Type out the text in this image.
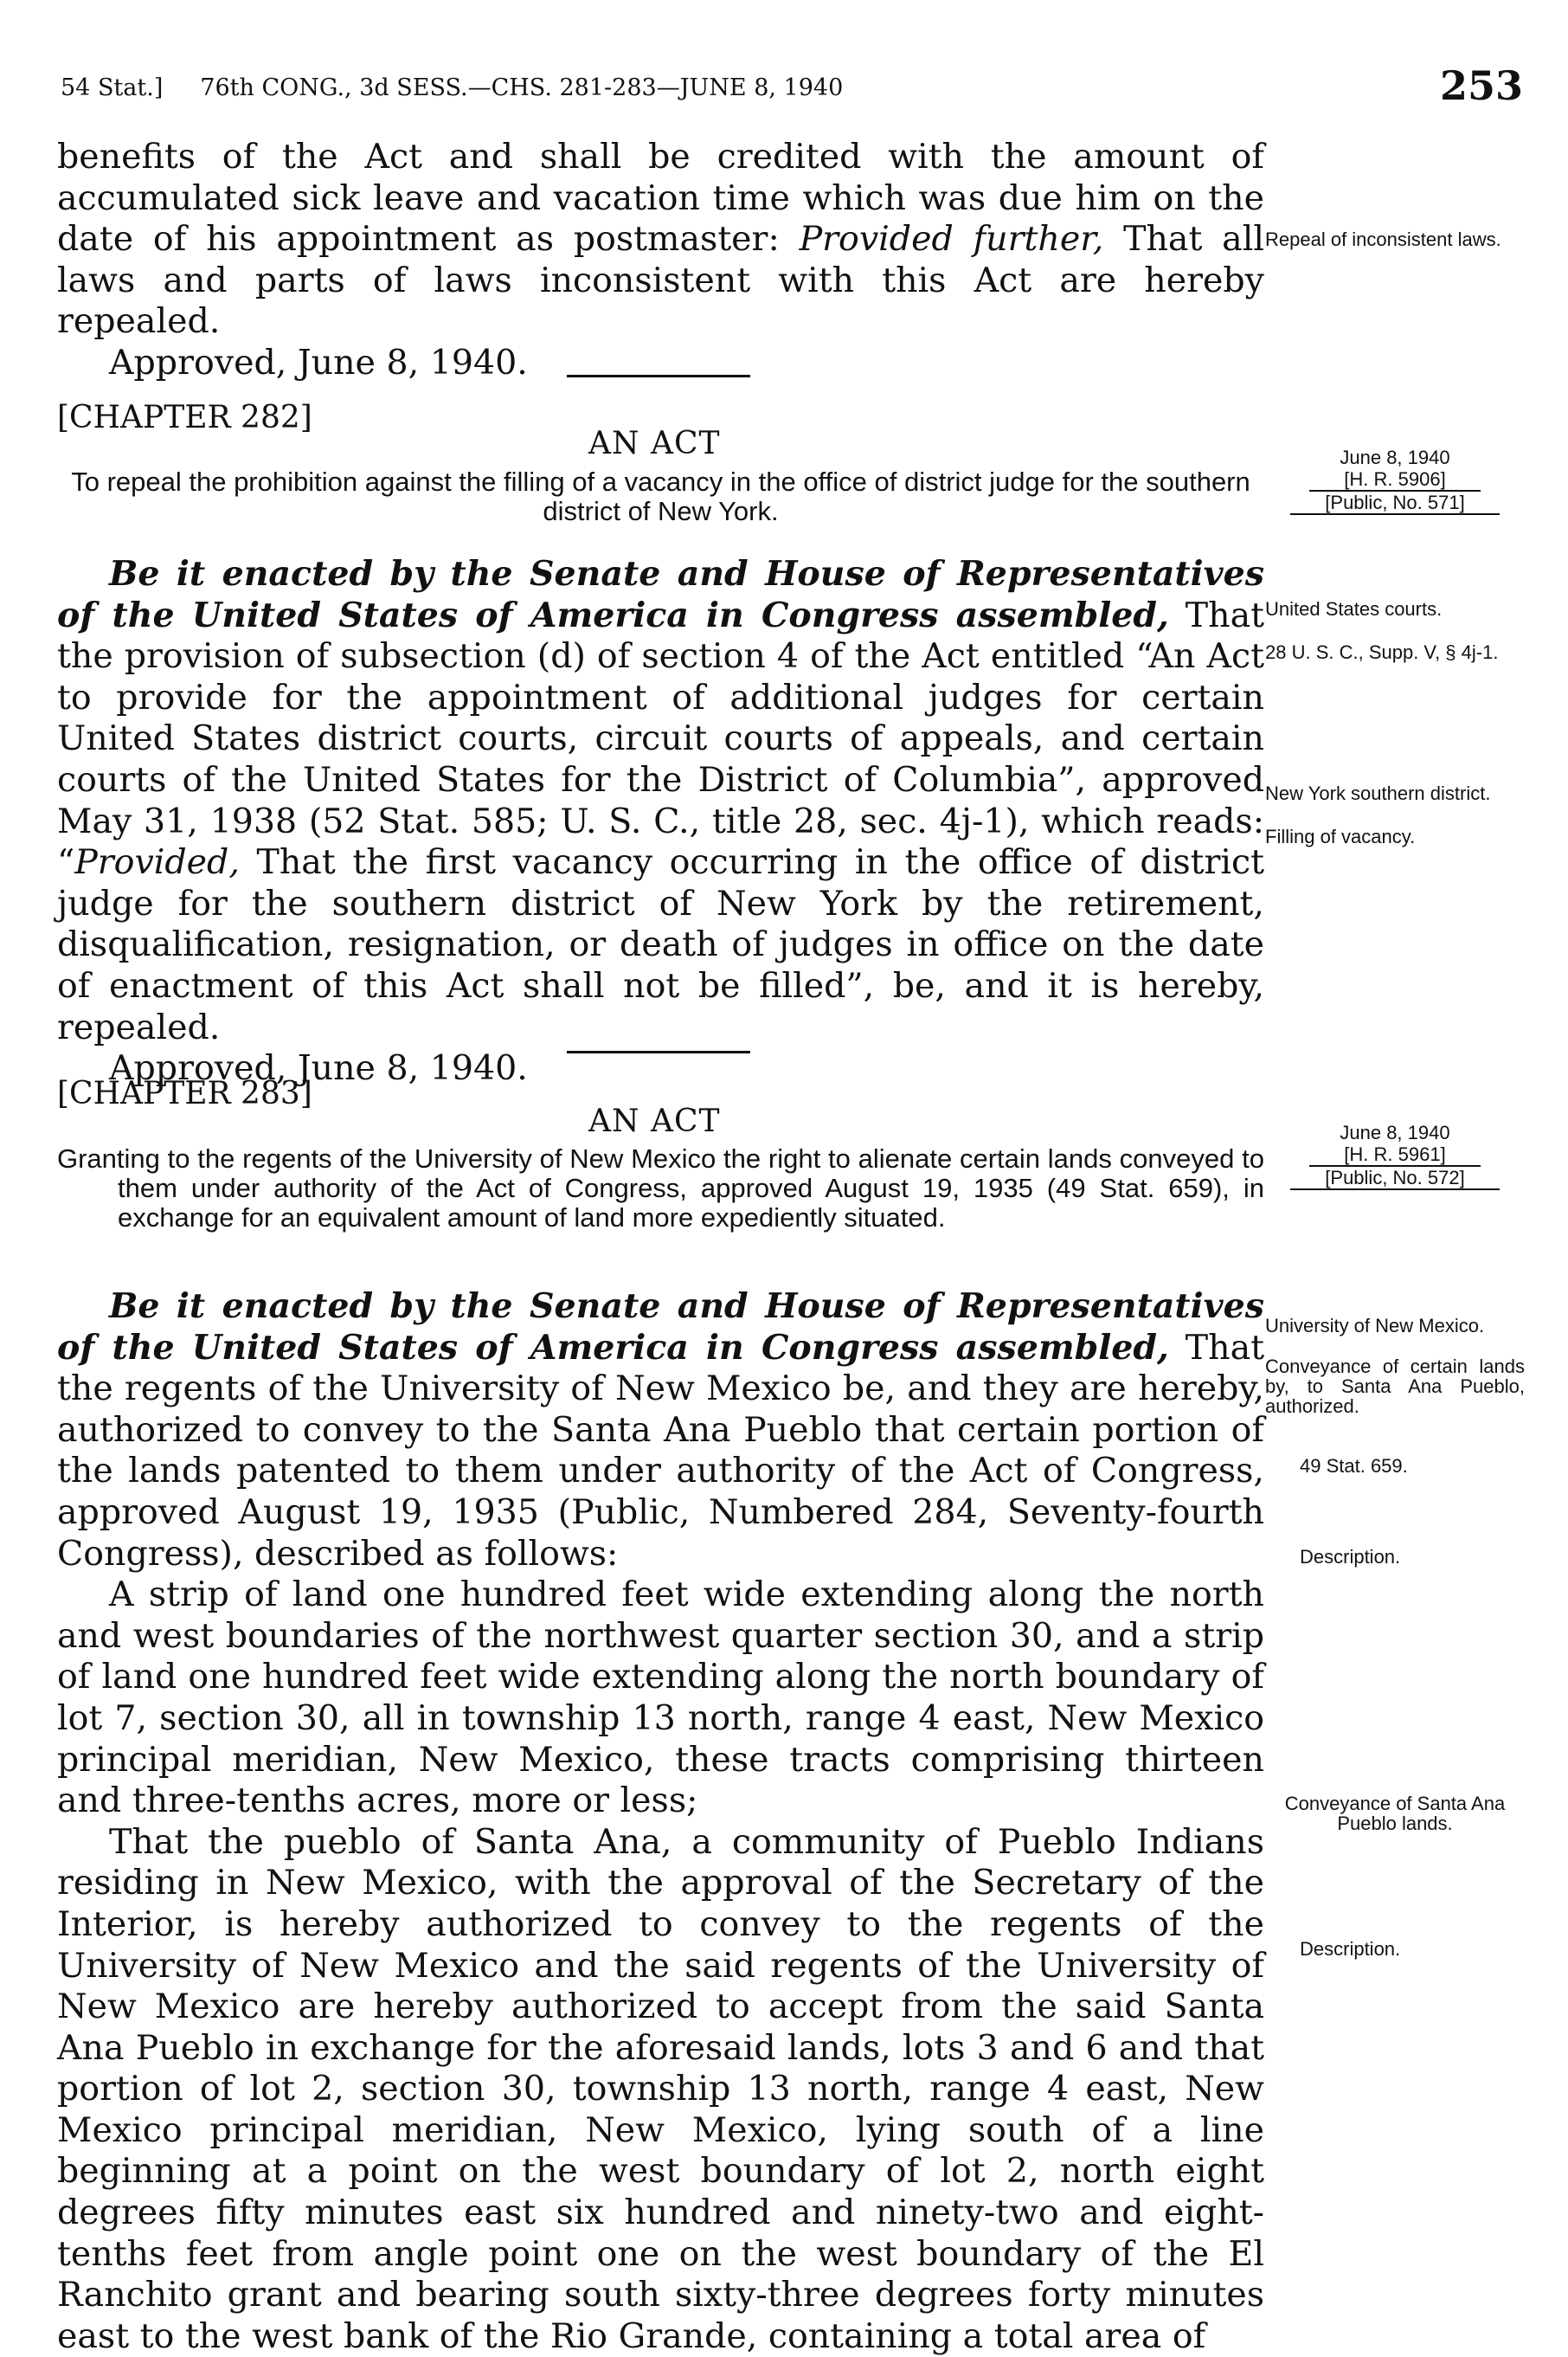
54 Stat.]     76th CONG., 3d SESS.—CHS. 281-283—JUNE 8, 1940	253

benefits of the Act and shall be credited with the amount of accumulated sick leave and vacation time which was due him on the date of his appointment as postmaster: Provided further, That all laws and parts of laws inconsistent with this Act are hereby repealed.

Approved, June 8, 1940.

Repeal of inconsistent laws.
[CHAPTER 282]
AN ACT
To repeal the prohibition against the filling of a vacancy in the office of district judge for the southern district of New York.
June 8, 1940
[H. R. 5906]
[Public, No. 571]

Be it enacted by the Senate and House of Representatives of the United States of America in Congress assembled, That the provision of subsection (d) of section 4 of the Act entitled “An Act to provide for the appointment of additional judges for certain United States district courts, circuit courts of appeals, and certain courts of the United States for the District of Columbia”, approved May 31, 1938 (52 Stat. 585; U. S. C., title 28, sec. 4j-1), which reads: “Provided, That the first vacancy occurring in the office of district judge for the southern district of New York by the retirement, disqualification, resignation, or death of judges in office on the date of enactment of this Act shall not be filled”, be, and it is hereby, repealed.

Approved, June 8, 1940.

United States courts.
28 U. S. C., Supp. V, § 4j-1.
New York southern district.
Filling of vacancy.
[CHAPTER 283]
AN ACT
Granting to the regents of the University of New Mexico the right to alienate certain lands conveyed to them under authority of the Act of Congress, approved August 19, 1935 (49 Stat. 659), in exchange for an equivalent amount of land more expediently situated.
June 8, 1940
[H. R. 5961]
[Public, No. 572]

Be it enacted by the Senate and House of Representatives of the United States of America in Congress assembled, That the regents of the University of New Mexico be, and they are hereby, authorized to convey to the Santa Ana Pueblo that certain portion of the lands patented to them under authority of the Act of Congress, approved August 19, 1935 (Public, Numbered 284, Seventy-fourth Congress), described as follows:

A strip of land one hundred feet wide extending along the north and west boundaries of the northwest quarter section 30, and a strip of land one hundred feet wide extending along the north boundary of lot 7, section 30, all in township 13 north, range 4 east, New Mexico principal meridian, New Mexico, these tracts comprising thirteen and three-tenths acres, more or less;

That the pueblo of Santa Ana, a community of Pueblo Indians residing in New Mexico, with the approval of the Secretary of the Interior, is hereby authorized to convey to the regents of the University of New Mexico and the said regents of the University of New Mexico are hereby authorized to accept from the said Santa Ana Pueblo in exchange for the aforesaid lands, lots 3 and 6 and that portion of lot 2, section 30, township 13 north, range 4 east, New Mexico principal meridian, New Mexico, lying south of a line beginning at a point on the west boundary of lot 2, north eight degrees fifty minutes east six hundred and ninety-two and eight-tenths feet from angle point one on the west boundary of the El Ranchito grant and bearing south sixty-three degrees forty minutes east to the west bank of the Rio Grande, containing a total area of

University of New Mexico.
Conveyance of certain lands by, to Santa Ana Pueblo, authorized.
49 Stat. 659.
Description.
Conveyance of Santa Ana Pueblo lands.
Description.
